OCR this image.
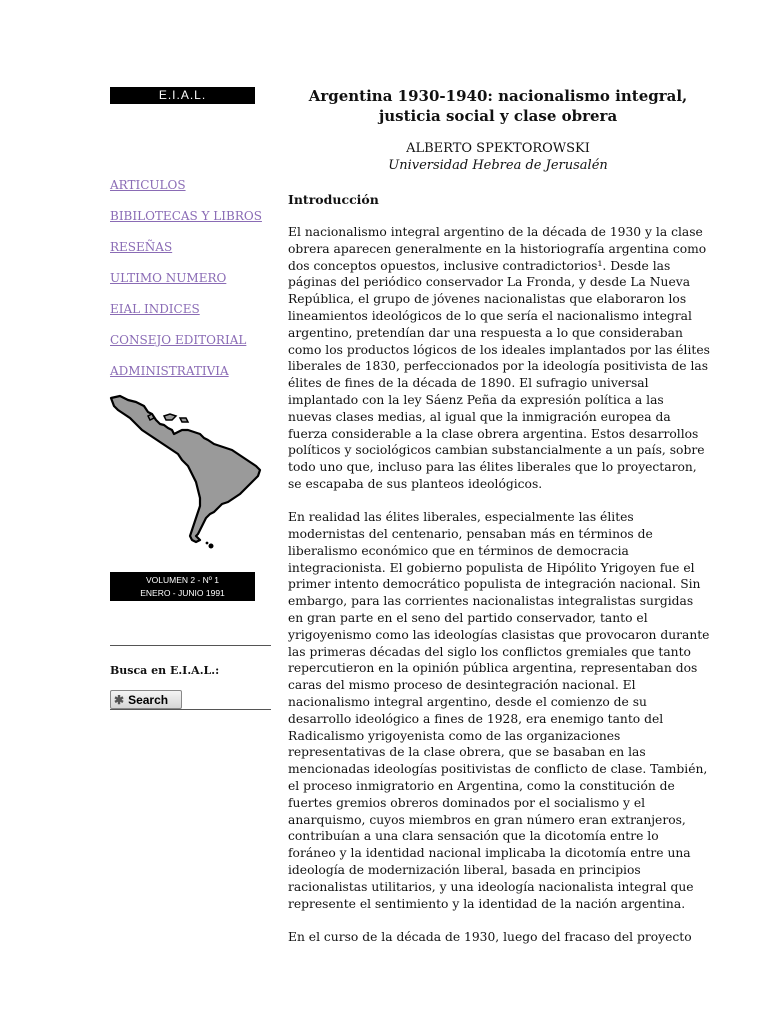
E.I.A.L.
ARTICULOS
BIBILOTECAS Y LIBROS
RESEÑAS
ULTIMO NUMERO
EIAL INDICES
CONSEJO EDITORIAL
ADMINISTRATIVIA
VOLUMEN 2 - Nº 1
ENERO - JUNIO 1991
Busca en E.I.A.L.:
✱ Search
Argentina 1930-1940: nacionalismo integral,
justicia social y clase obrera
ALBERTO SPEKTOROWSKI
Universidad Hebrea de Jerusalén
Introducción

El nacionalismo integral argentino de la década de 1930 y la clase obrera aparecen generalmente en la historiografía argentina como dos conceptos opuestos, inclusive contradictorios¹. Desde las páginas del periódico conservador La Fronda, y desde La Nueva República, el grupo de jóvenes nacionalistas que elaboraron los lineamientos ideológicos de lo que sería el nacionalismo integral argentino, pretendían dar una respuesta a lo que consideraban como los productos lógicos de los ideales implantados por las élites liberales de 1830, perfeccionados por la ideología positivista de las élites de fines de la década de 1890. El sufragio universal implantado con la ley Sáenz Peña da expresión política a las nuevas clases medias, al igual que la inmigración europea da fuerza considerable a la clase obrera argentina. Estos desarrollos políticos y sociológicos cambian substancialmente a un país, sobre todo uno que, incluso para las élites liberales que lo proyectaron, se escapaba de sus planteos ideológicos.

En realidad las élites liberales, especialmente las élites modernistas del centenario, pensaban más en términos de liberalismo económico que en términos de democracia integracionista. El gobierno populista de Hipólito Yrigoyen fue el primer intento democrático populista de integración nacional. Sin embargo, para las corrientes nacionalistas integralistas surgidas en gran parte en el seno del partido conservador, tanto el yrigoyenismo como las ideologías clasistas que provocaron durante las primeras décadas del siglo los conflictos gremiales que tanto repercutieron en la opinión pública argentina, representaban dos caras del mismo proceso de desintegración nacional. El nacionalismo integral argentino, desde el comienzo de su desarrollo ideológico a fines de 1928, era enemigo tanto del Radicalismo yrigoyenista como de las organizaciones representativas de la clase obrera, que se basaban en las mencionadas ideologías positivistas de conflicto de clase. También, el proceso inmigratorio en Argentina, como la constitución de fuertes gremios obreros dominados por el socialismo y el anarquismo, cuyos miembros en gran número eran extranjeros, contribuían a una clara sensación que la dicotomía entre lo foráneo y la identidad nacional implicaba la dicotomía entre una ideología de modernización liberal, basada en principios racionalistas utilitarios, y una ideología nacionalista integral que represente el sentimiento y la identidad de la nación argentina.

En el curso de la década de 1930, luego del fracaso del proyecto
